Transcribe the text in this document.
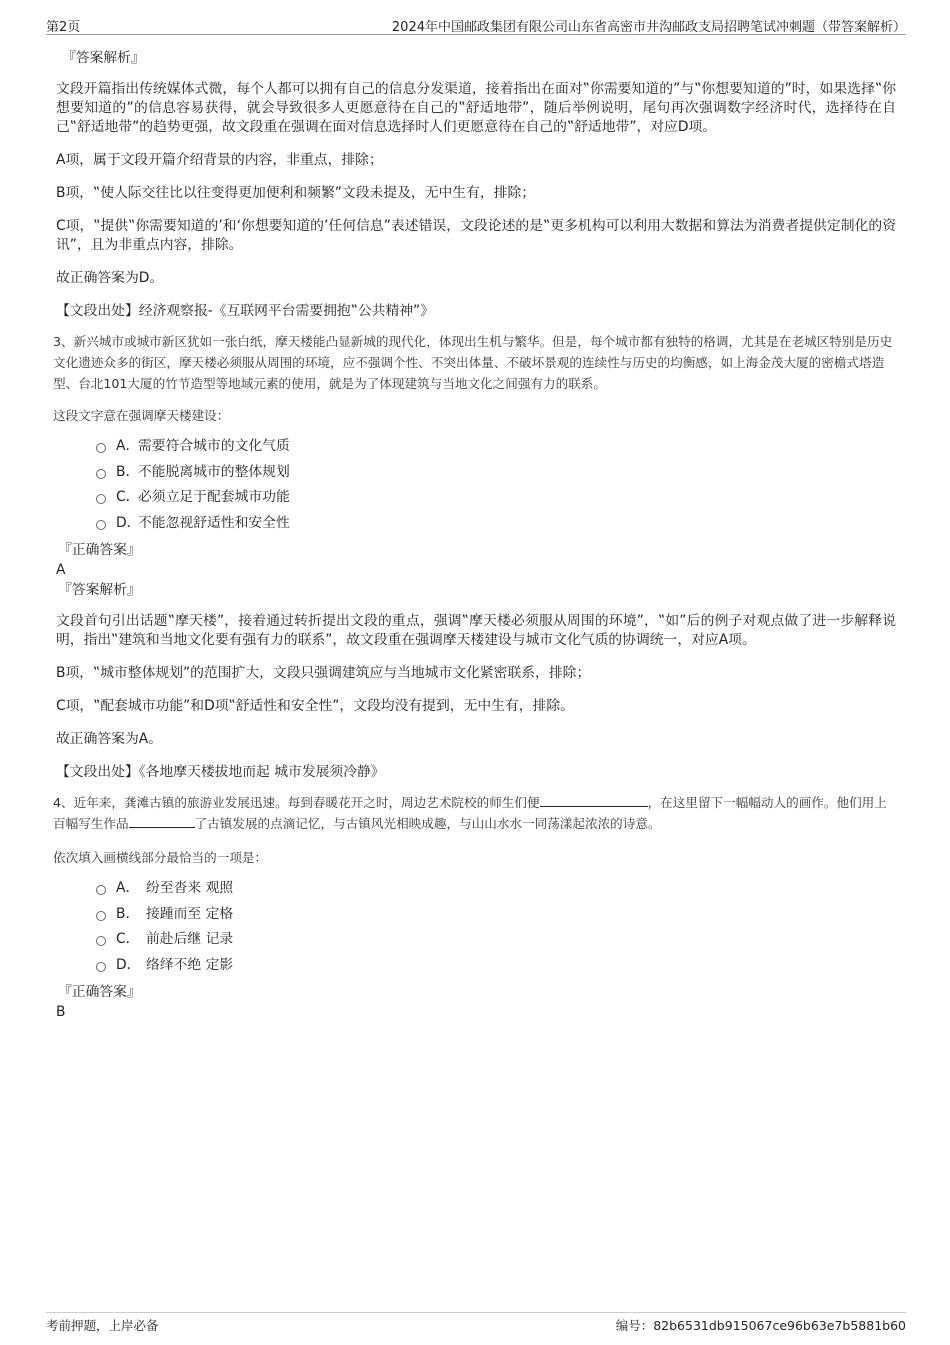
第2页	2024年中国邮政集团有限公司山东省高密市井沟邮政支局招聘笔试冲刺题（带答案解析）

『答案解析』

文段开篇指出传统媒体式微，每个人都可以拥有自己的信息分发渠道，接着指出在面对‟你需要知道的”与‟你想要知道的”时，如果选择‟你想要知道的”的信息容易获得，就会导致很多人更愿意待在自己的‟舒适地带”，随后举例说明，尾句再次强调数字经济时代，选择待在自己‟舒适地带”的趋势更强，故文段重在强调在面对信息选择时人们更愿意待在自己的‟舒适地带”，对应D项。

A项，属于文段开篇介绍背景的内容，非重点，排除；

B项，‟使人际交往比以往变得更加便利和频繁”文段未提及，无中生有，排除；

C项，‟提供‟你需要知道的’和‘你想要知道的’任何信息”表述错误，文段论述的是‟更多机构可以利用大数据和算法为消费者提供定制化的资讯”，且为非重点内容，排除。

故正确答案为D。

【文段出处】经济观察报-《互联网平台需要拥抱‟公共精神”》

3、新兴城市或城市新区犹如一张白纸，摩天楼能凸显新城的现代化，体现出生机与繁华。但是，每个城市都有独特的格调，尤其是在老城区特别是历史文化遗迹众多的街区，摩天楼必须服从周围的环境，应不强调个性、不突出体量、不破坏景观的连续性与历史的均衡感，如上海金茂大厦的密檐式塔造型、台北101大厦的竹节造型等地域元素的使用，就是为了体现建筑与当地文化之间强有力的联系。

这段文字意在强调摩天楼建设：

A．需要符合城市的文化气质
B．不能脱离城市的整体规划
C．必须立足于配套城市功能
D．不能忽视舒适性和安全性

『正确答案』

A

『答案解析』

文段首句引出话题‟摩天楼”，接着通过转折提出文段的重点，强调‟摩天楼必须服从周围的环境”，‟如”后的例子对观点做了进一步解释说明，指出‟建筑和当地文化要有强有力的联系”，故文段重在强调摩天楼建设与城市文化气质的协调统一，对应A项。

B项，‟城市整体规划”的范围扩大，文段只强调建筑应与当地城市文化紧密联系，排除；

C项，‟配套城市功能”和D项‟舒适性和安全性”，文段均没有提到，无中生有，排除。

故正确答案为A。

【文段出处】《各地摩天楼拔地而起 城市发展须冷静》

4、近年来，龚滩古镇的旅游业发展迅速。每到春暖花开之时，周边艺术院校的师生们便	，在这里留下一幅幅动人的画作。他们用上百幅写生作品	了古镇发展的点滴记忆，与古镇风光相映成趣，与山山水水一同荡漾起浓浓的诗意。

依次填入画横线部分最恰当的一项是：

A． 纷至沓来 观照
B． 接踵而至 定格
C． 前赴后继 记录
D． 络绎不绝 定影

『正确答案』

B

考前押题，上岸必备	编号：82b6531db915067ce96b63e7b5881b60
